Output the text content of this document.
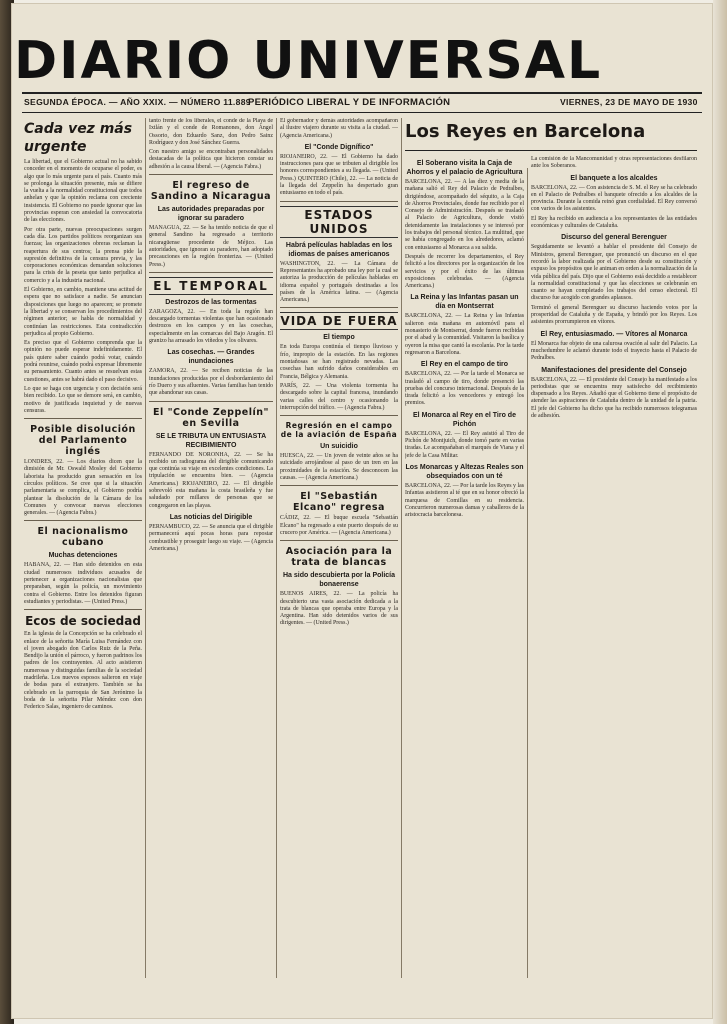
DIARIO UNIVERSAL
SEGUNDA ÉPOCA. — AÑO XXIX. — NÚMERO 11.889
PERIÓDICO LIBERAL Y DE INFORMACIÓN	VIERNES, 23 DE MAYO DE 1930
Cada vez más urgente

La libertad, que el Gobierno actual no ha sabido conceder en el momento de ocuparse el poder, es algo que lo más urgente para el país. Cuanto más se prolonga la situación presente, más se difiere la vuelta a la normalidad constitucional que todos anhelan y que la opinión reclama con creciente insistencia. El Gobierno no puede ignorar que las provincias esperan con ansiedad la convocatoria de las elecciones.

Por otra parte, nuevas preocupaciones surgen cada día. Los partidos políticos reorganizan sus fuerzas; las organizaciones obreras reclaman la reapertura de sus centros; la prensa pide la supresión definitiva de la censura previa, y las corporaciones económicas demandan soluciones para la crisis de la peseta que tanto perjudica al comercio y a la industria nacional.

El Gobierno, en cambio, mantiene una actitud de espera que no satisface a nadie. Se anuncian disposiciones que luego no aparecen; se promete la libertad y se conservan los procedimientos del régimen anterior; se habla de normalidad y continúan las restricciones. Esta contradicción perjudica al propio Gobierno.

Es preciso que el Gobierno comprenda que la opinión no puede esperar indefinidamente. El país quiere saber cuándo podrá votar, cuándo podrá reunirse, cuándo podrá expresar libremente su pensamiento. Cuanto antes se resuelvan estas cuestiones, antes se habrá dado el paso decisivo.

Lo que se haga con urgencia y con decisión será bien recibido. Lo que se demore será, en cambio, motivo de justificada inquietud y de nuevas censuras.

Posible disolución del Parlamento inglés

LONDRES, 22. — Los diarios dicen que la dimisión de Mr. Oswald Mosley del Gobierno laborista ha producido gran sensación en los círculos políticos. Se cree que si la situación parlamentaria se complica, el Gobierno podría plantear la disolución de la Cámara de los Comunes y convocar nuevas elecciones generales. — (Agencia Fabra.)

El nacionalismo cubano
Muchas detenciones

HABANA, 22. — Han sido detenidos en esta ciudad numerosos individuos acusados de pertenecer a organizaciones nacionalistas que preparaban, según la policía, un movimiento contra el Gobierno. Entre los detenidos figuran estudiantes y periodistas. — (United Press.)

Ecos de sociedad

En la iglesia de la Concepción se ha celebrado el enlace de la señorita María Luisa Fernández con el joven abogado don Carlos Ruiz de la Peña. Bendijo la unión el párroco, y fueron padrinos los padres de los contrayentes. Al acto asistieron numerosas y distinguidas familias de la sociedad madrileña. Los nuevos esposos salieron en viaje de bodas para el extranjero. También se ha celebrado en la parroquia de San Jerónimo la boda de la señorita Pilar Méndez con don Federico Salas, ingeniero de caminos.

tanto frente de los liberales, el conde de la Playa de Ixtlán y el conde de Romanones, don Ángel Ossorio, don Eduardo Sanz, don Pedro Sainz Rodríguez y don José Sánchez Guerra.

Con nuestro amigo se encontraban personalidades destacadas de la política que hicieron constar su adhesión a la causa liberal. — (Agencia Fabra.)

El regreso de Sandino a Nicaragua
Las autoridades preparadas por ignorar su paradero

MANAGUA, 22. — Se ha tenido noticia de que el general Sandino ha regresado a territorio nicaragüense procedente de Méjico. Las autoridades, que ignoran su paradero, han adoptado precauciones en la región fronteriza. — (United Press.)

EL TEMPORAL
Destrozos de las tormentas

ZARAGOZA, 22. — En toda la región han descargado tormentas violentas que han ocasionado destrozos en los campos y en las cosechas, especialmente en las comarcas del Bajo Aragón. El granizo ha arrasado los viñedos y los olivares.

Las cosechas. — Grandes inundaciones

ZAMORA, 22. — Se reciben noticias de las inundaciones producidas por el desbordamiento del río Duero y sus afluentes. Varias familias han tenido que abandonar sus casas.

El "Conde Zeppelín" en Sevilla
SE LE TRIBUTA UN ENTUSIASTA RECIBIMIENTO

FERNANDO DE NORONHA, 22. — Se ha recibido un radiograma del dirigible comunicando que continúa su viaje en excelentes condiciones. La tripulación se encuentra bien. — (Agencia Americana.) RIOJANEIRO, 22. — El dirigible sobrevoló esta mañana la costa brasileña y fue saludado por millares de personas que se congregaron en las playas.

Las noticias del Dirigible

PERNAMBUCO, 22. — Se anuncia que el dirigible permanecerá aquí pocas horas para repostar combustible y proseguir luego su viaje. — (Agencia Americana.)

El gobernador y demás autoridades acompañaron al ilustre viajero durante su visita a la ciudad. — (Agencia Americana.)

El "Conde Dignífico"

RIOJANEIRO, 22. — El Gobierno ha dado instrucciones para que se tributen al dirigible los honores correspondientes a su llegada. — (United Press.) QUINTERO (Chile), 22. — La noticia de la llegada del Zeppelín ha despertado gran entusiasmo en todo el país.

ESTADOS UNIDOS
Habrá películas habladas en los idiomas de países americanos

WASHINGTON, 22. — La Cámara de Representantes ha aprobado una ley por la cual se autoriza la producción de películas habladas en idioma español y portugués destinadas a los países de la América latina. — (Agencia Americana.)

VIDA DE FUERA
El tiempo

En toda Europa continúa el tiempo lluvioso y frío, impropio de la estación. En las regiones montañosas se han registrado nevadas. Las cosechas han sufrido daños considerables en Francia, Bélgica y Alemania.

PARÍS, 22. — Una violenta tormenta ha descargado sobre la capital francesa, inundando varias calles del centro y ocasionando la interrupción del tráfico. — (Agencia Fabra.)

Regresión en el campo de la aviación de España
Un suicidio

HUESCA, 22. — Un joven de veinte años se ha suicidado arrojándose al paso de un tren en las proximidades de la estación. Se desconocen las causas. — (Agencia Americana.)

El "Sebastián Elcano" regresa

CÁDIZ, 22. — El buque escuela "Sebastián Elcano" ha regresado a este puerto después de su crucero por América. — (Agencia Americana.)

Asociación para la trata de blancas
Ha sido descubierta por la Policía bonaerense

BUENOS AIRES, 22. — La policía ha descubierto una vasta asociación dedicada a la trata de blancas que operaba entre Europa y la Argentina. Han sido detenidos varios de sus dirigentes. — (United Press.)

Los Reyes en Barcelona
El Soberano visita la Caja de Ahorros y el palacio de Agricultura

BARCELONA, 22. — A las diez y media de la mañana salió el Rey del Palacio de Pedralbes, dirigiéndose, acompañado del séquito, a la Caja de Ahorros Provinciales, donde fue recibido por el Consejo de Administración. Después se trasladó al Palacio de Agricultura, donde visitó detenidamente las instalaciones y se interesó por los trabajos del personal técnico. La multitud, que se había congregado en los alrededores, aclamó con entusiasmo al Monarca a su salida.

Después de recorrer los departamentos, el Rey felicitó a los directores por la organización de los servicios y por el éxito de las últimas exposiciones celebradas. — (Agencia Americana.)

La Reina y las Infantas pasan un día en Montserrat

BARCELONA, 22. — La Reina y las Infantas salieron esta mañana en automóvil para el monasterio de Montserrat, donde fueron recibidas por el abad y la comunidad. Visitaron la basílica y oyeron la misa que cantó la escolanía. Por la tarde regresaron a Barcelona.

El Rey en el campo de tiro

BARCELONA, 22. — Por la tarde el Monarca se trasladó al campo de tiro, donde presenció las pruebas del concurso internacional. Después de la tirada felicitó a los vencedores y entregó los premios.

El Monarca al Rey en el Tiro de Pichón

BARCELONA, 22. — El Rey asistió al Tiro de Pichón de Montjuich, donde tomó parte en varias tiradas. Le acompañaban el marqués de Viana y el jefe de la Casa Militar.

Los Monarcas y Altezas Reales son obsequiados con un té

BARCELONA, 22. — Por la tarde los Reyes y las Infantas asistieron al té que en su honor ofreció la marquesa de Comillas en su residencia. Concurrieron numerosas damas y caballeros de la aristocracia barcelonesa.

La comisión de la Mancomunidad y otras representaciones desfilaron ante los Soberanos.

El banquete a los alcaldes

BARCELONA, 22. — Con asistencia de S. M. el Rey se ha celebrado en el Palacio de Pedralbes el banquete ofrecido a los alcaldes de la provincia. Durante la comida reinó gran cordialidad. El Rey conversó con varios de los asistentes.

El Rey ha recibido en audiencia a los representantes de las entidades económicas y culturales de Cataluña.

Discurso del general Berenguer

Seguidamente se levantó a hablar el presidente del Consejo de Ministros, general Berenguer, que pronunció un discurso en el que recordó la labor realizada por el Gobierno desde su constitución y expuso los propósitos que le animan en orden a la normalización de la vida pública del país. Dijo que el Gobierno está decidido a restablecer la normalidad constitucional y que las elecciones se celebrarán en cuanto se hayan completado los trabajos del censo electoral. El discurso fue acogido con grandes aplausos.

Terminó el general Berenguer su discurso haciendo votos por la prosperidad de Cataluña y de España, y brindó por los Reyes. Los asistentes prorrumpieron en vítores.

El Rey, entusiasmado. — Vítores al Monarca

El Monarca fue objeto de una calurosa ovación al salir del Palacio. La muchedumbre le aclamó durante todo el trayecto hasta el Palacio de Pedralbes.

Manifestaciones del presidente del Consejo

BARCELONA, 22. — El presidente del Consejo ha manifestado a los periodistas que se encuentra muy satisfecho del recibimiento dispensado a los Reyes. Añadió que el Gobierno tiene el propósito de atender las aspiraciones de Cataluña dentro de la unidad de la patria. El jefe del Gobierno ha dicho que ha recibido numerosos telegramas de adhesión.
